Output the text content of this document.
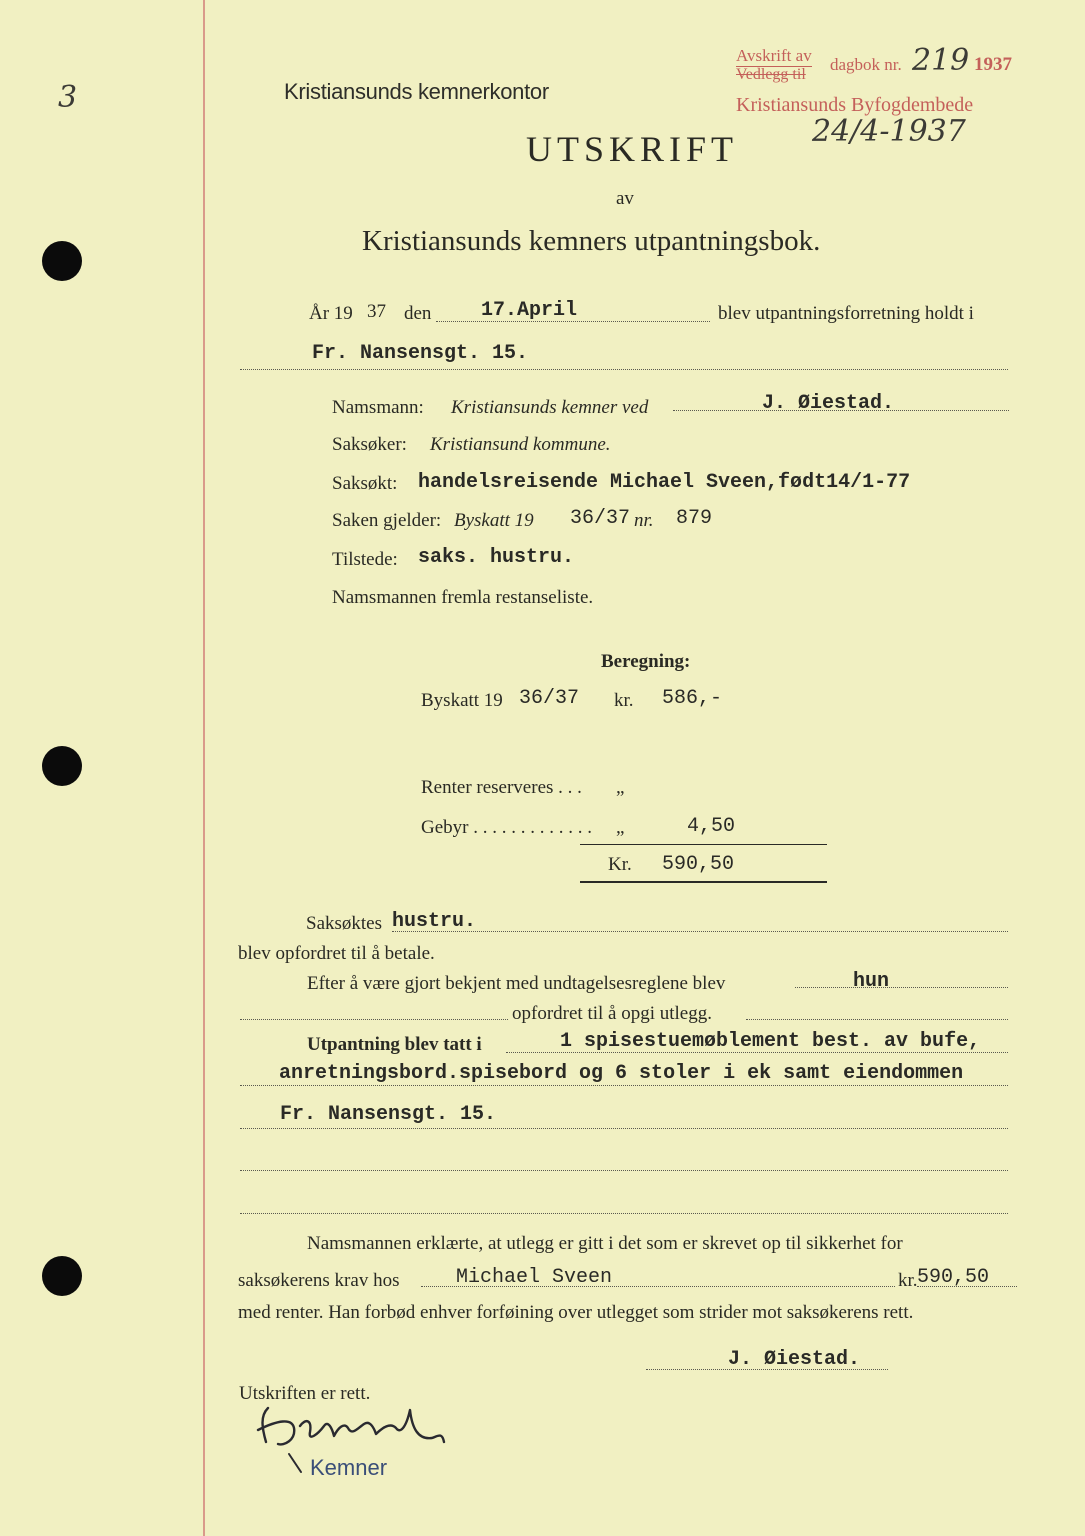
3	Kristiansunds kemnerkontor
Avskrift av
Vedlegg til
dagbok nr. 219 1937
Kristiansunds Byfogdembede
24/4-1937
UTSKRIFT
av
Kristiansunds kemners utpantningsbok.
År 19 37 den 17.April	blev utpantningsforretning holdt i
Fr. Nansensgt. 15.
Namsmann: Kristiansunds kemner ved	J. Øiestad.
Saksøker: Kristiansund kommune.
Saksøkt: handelsreisende Michael Sveen,født14/1-77
Saken gjelder: Byskatt 19 36/37 nr. 879
Tilstede: saks. hustru.
Namsmannen fremla restanseliste.
Beregning:
Byskatt 19 36/37 kr. 586,-
Renter reserveres . . . „
Gebyr . . . . . . . . . . . . . „	4,50
Kr. 590,50
Saksøktes hustru.
blev opfordret til å betale.
Efter å være gjort bekjent med undtagelsesreglene blev	hun
opfordret til å opgi utlegg.
Utpantning blev tatt i	1 spisestuemøblement best. av bufe,
anretningsbord.spisebord og 6 stoler i ek samt eiendommen
Fr. Nansensgt. 15.
Namsmannen erklærte, at utlegg er gitt i det som er skrevet op til sikkerhet for
saksøkerens krav hos	Michael Sveen	kr. 590,50
med renter. Han forbød enhver forføining over utlegget som strider mot saksøkerens rett.
J. Øiestad.
Utskriften er rett.
Kemner
